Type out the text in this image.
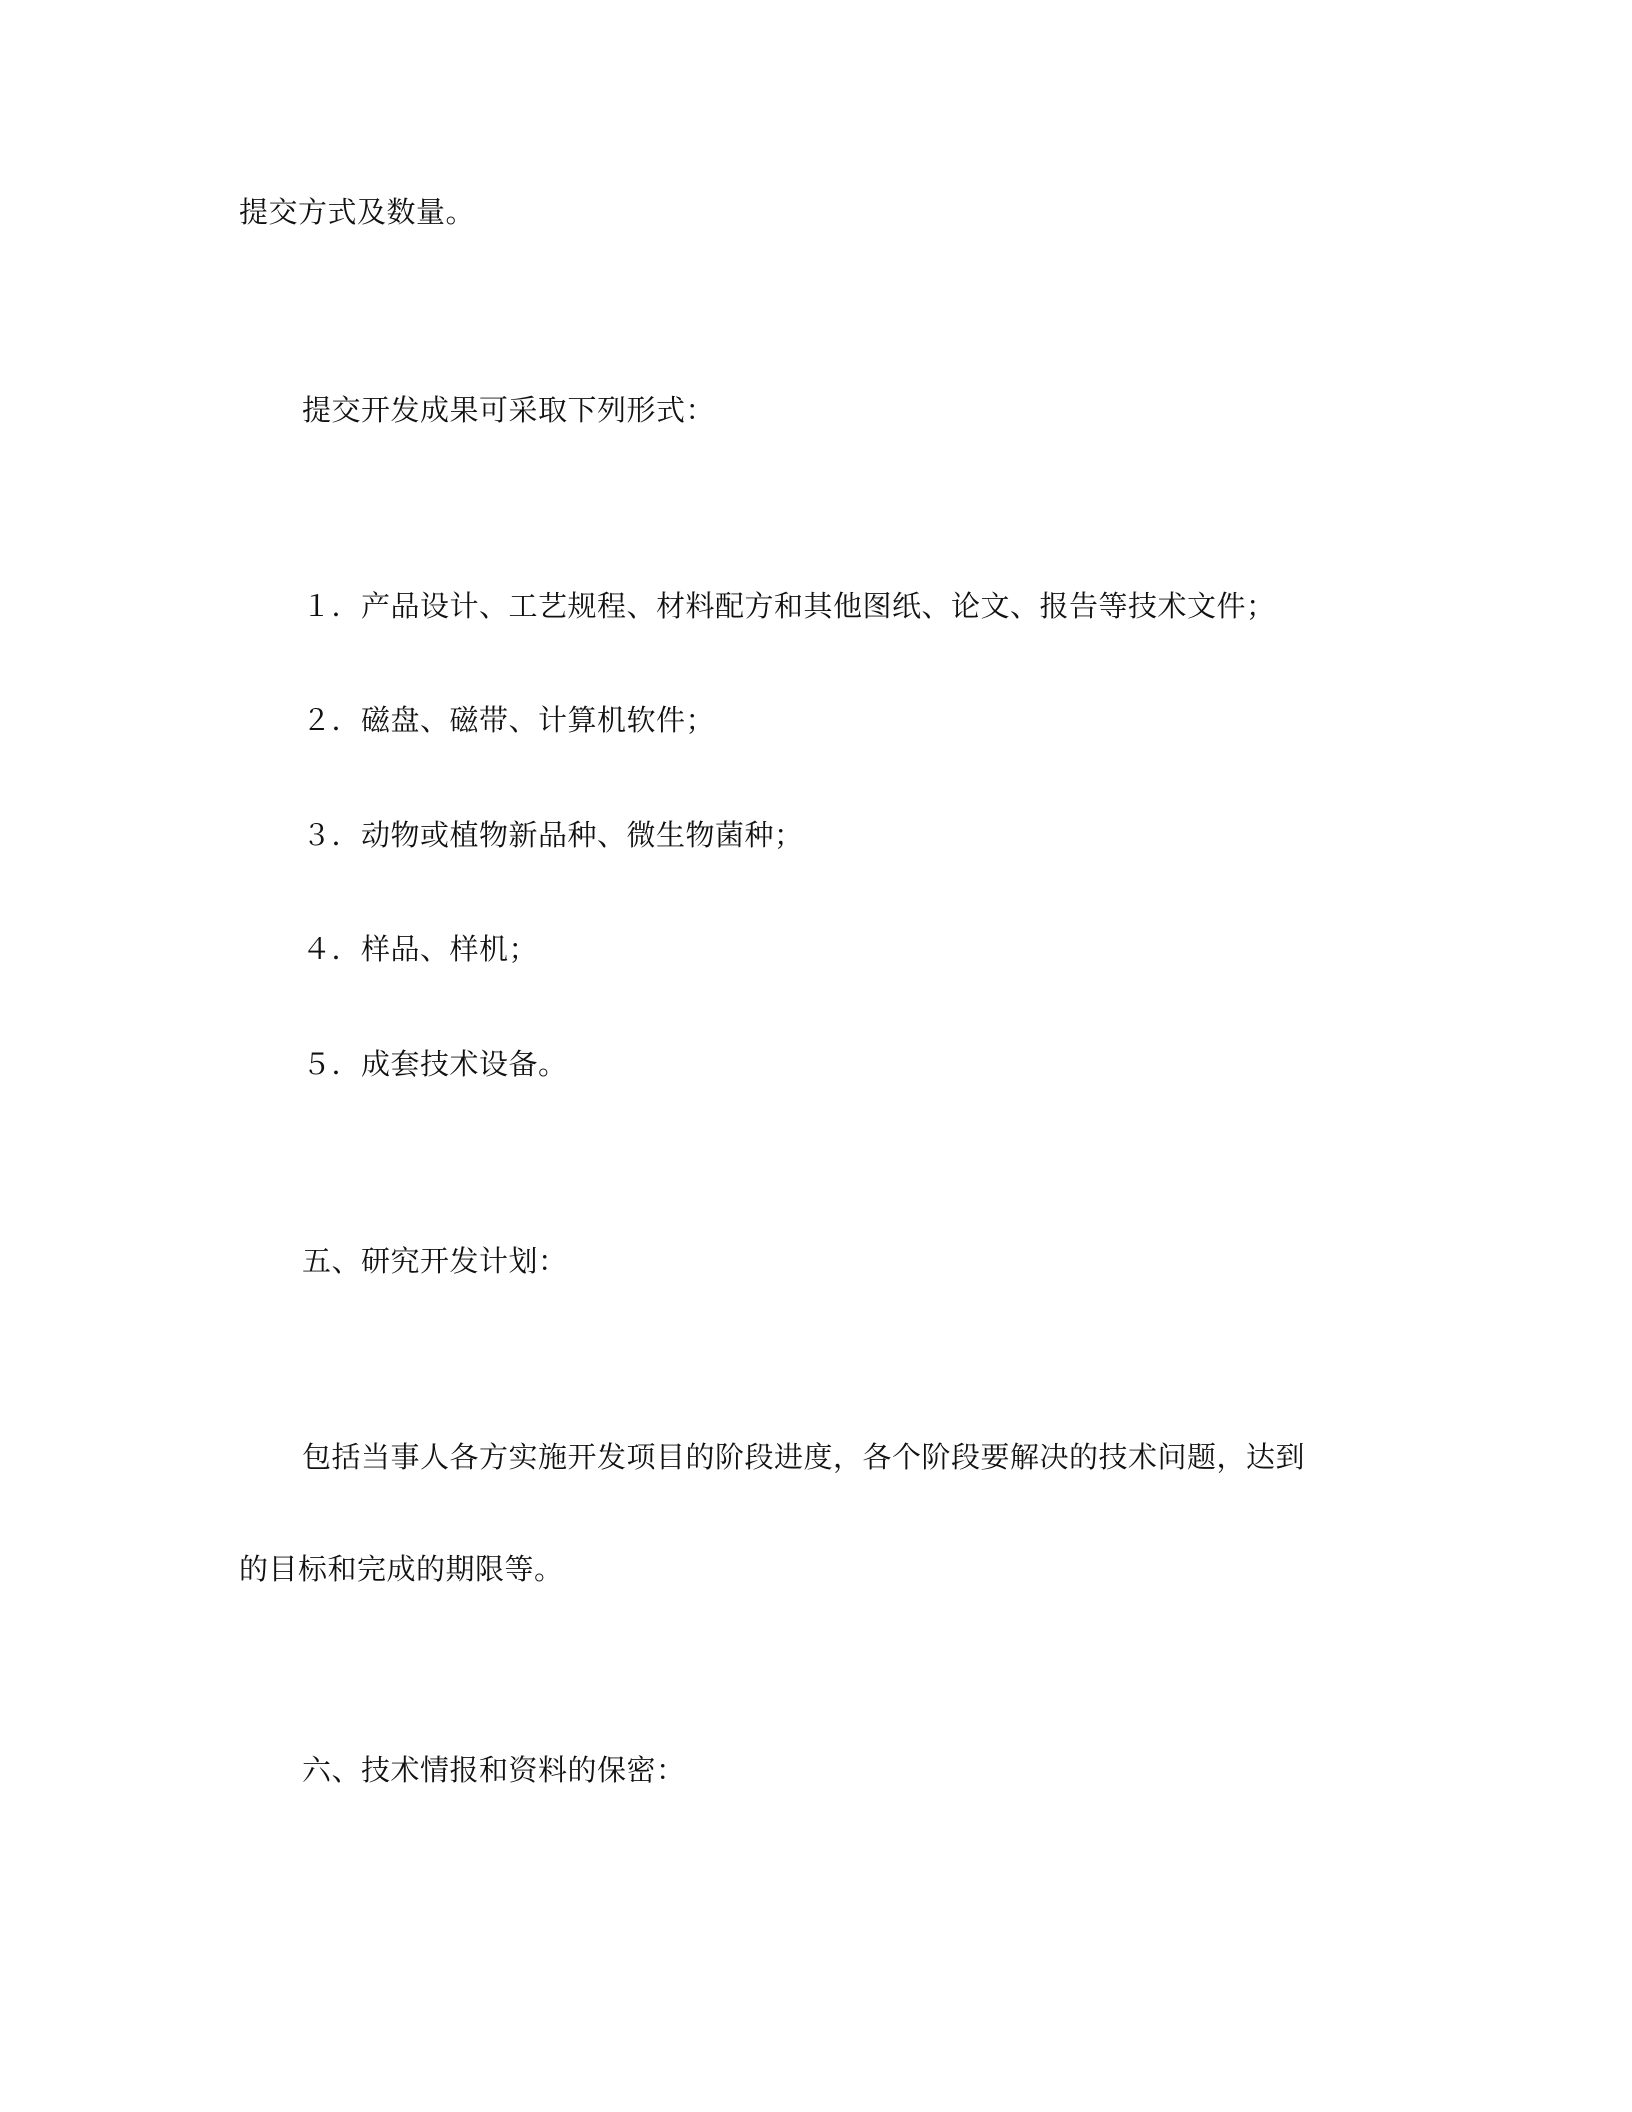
提交方式及数量。

提交开发成果可采取下列形式：

１．产品设计、工艺规程、材料配方和其他图纸、论文、报告等技术文件；

２．磁盘、磁带、计算机软件；

３．动物或植物新品种、微生物菌种；

４．样品、样机；

５．成套技术设备。

五、研究开发计划：

包括当事人各方实施开发项目的阶段进度，各个阶段要解决的技术问题，达到

的目标和完成的期限等。

六、技术情报和资料的保密：
